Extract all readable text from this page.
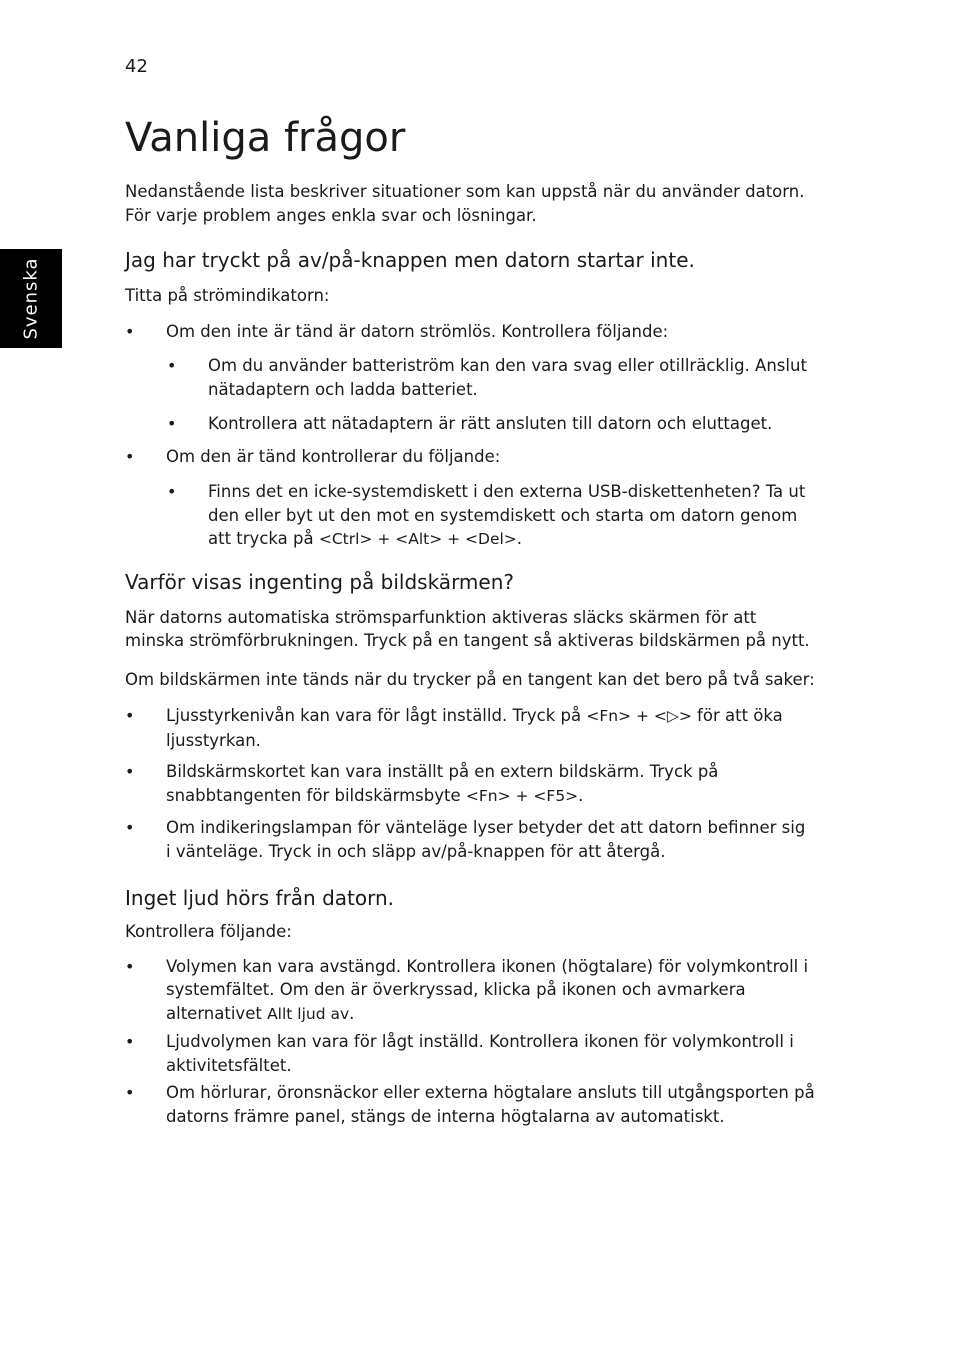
42
Svenska
Vanliga frågor

Nedanstående lista beskriver situationer som kan uppstå när du använder datorn. För varje problem anges enkla svar och lösningar.

Jag har tryckt på av/på-knappen men datorn startar inte.

Titta på strömindikatorn:

• Om den inte är tänd är datorn strömlös. Kontrollera följande:
• Om du använder batteriström kan den vara svag eller otillräcklig. Anslut nätadaptern och ladda batteriet.
• Kontrollera att nätadaptern är rätt ansluten till datorn och eluttaget.
• Om den är tänd kontrollerar du följande:
• Finns det en icke-systemdiskett i den externa USB-diskettenheten? Ta ut den eller byt ut den mot en systemdiskett och starta om datorn genom att trycka på <Ctrl> + <Alt> + <Del>.
Varför visas ingenting på bildskärmen?

När datorns automatiska strömsparfunktion aktiveras släcks skärmen för att minska strömförbrukningen. Tryck på en tangent så aktiveras bildskärmen på nytt.

Om bildskärmen inte tänds när du trycker på en tangent kan det bero på två saker:

• Ljusstyrkenivån kan vara för lågt inställd. Tryck på <Fn> + <▷> för att öka ljusstyrkan.
• Bildskärmskortet kan vara inställt på en extern bildskärm. Tryck på snabbtangenten för bildskärmsbyte <Fn> + <F5>.
• Om indikeringslampan för vänteläge lyser betyder det att datorn befinner sig i vänteläge. Tryck in och släpp av/på-knappen för att återgå.
Inget ljud hörs från datorn.

Kontrollera följande:

• Volymen kan vara avstängd. Kontrollera ikonen (högtalare) för volymkontroll i systemfältet. Om den är överkryssad, klicka på ikonen och avmarkera alternativet Allt ljud av.
• Ljudvolymen kan vara för lågt inställd. Kontrollera ikonen för volymkontroll i aktivitetsfältet.
• Om hörlurar, öronsnäckor eller externa högtalare ansluts till utgångsporten på datorns främre panel, stängs de interna högtalarna av automatiskt.
